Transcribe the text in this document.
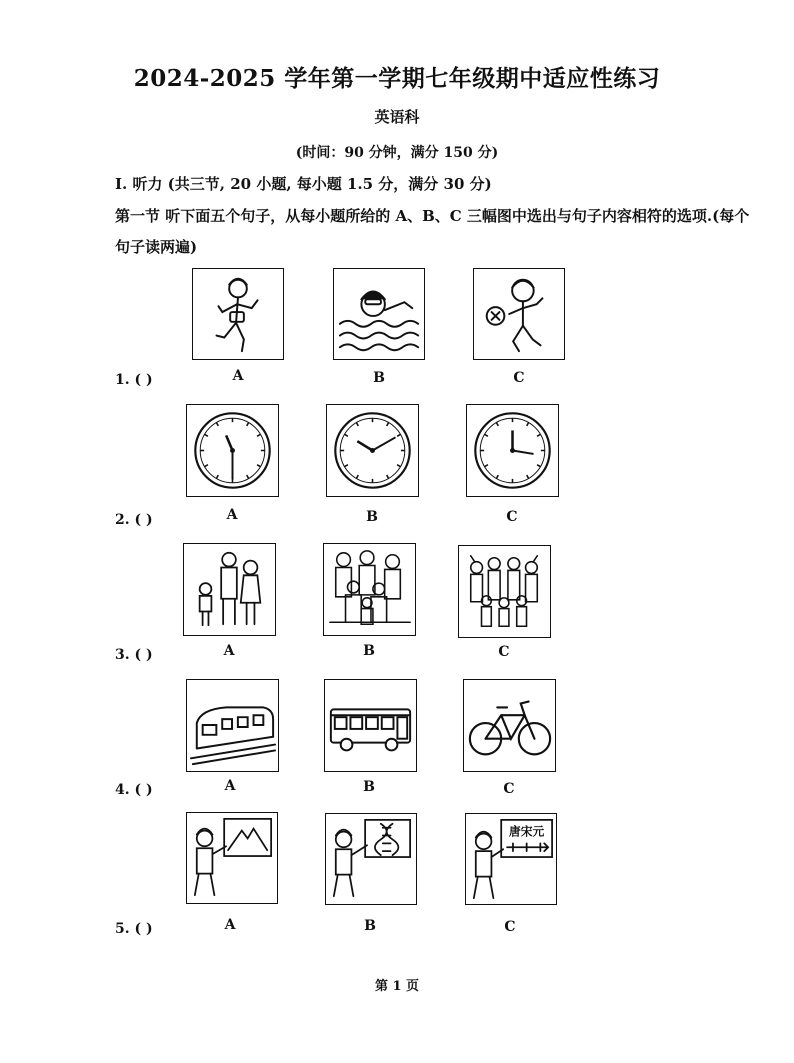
2024-2025 学年第一学期七年级期中适应性练习
英语科
(时间：90 分钟，满分 150 分)
I. 听力 (共三节, 20 小题, 每小题 1.5 分，满分 30 分)
第一节 听下面五个句子，从每小题所给的 A、B、C 三幅图中选出与句子内容相符的选项.(每个句子读两遍)
1. ( )	A	B	C
2. ( )	A	B	C
3. ( )	A	B	C
4. ( )	A	B	C
唐宋元
5. ( )	A	B	C
第 1 页
